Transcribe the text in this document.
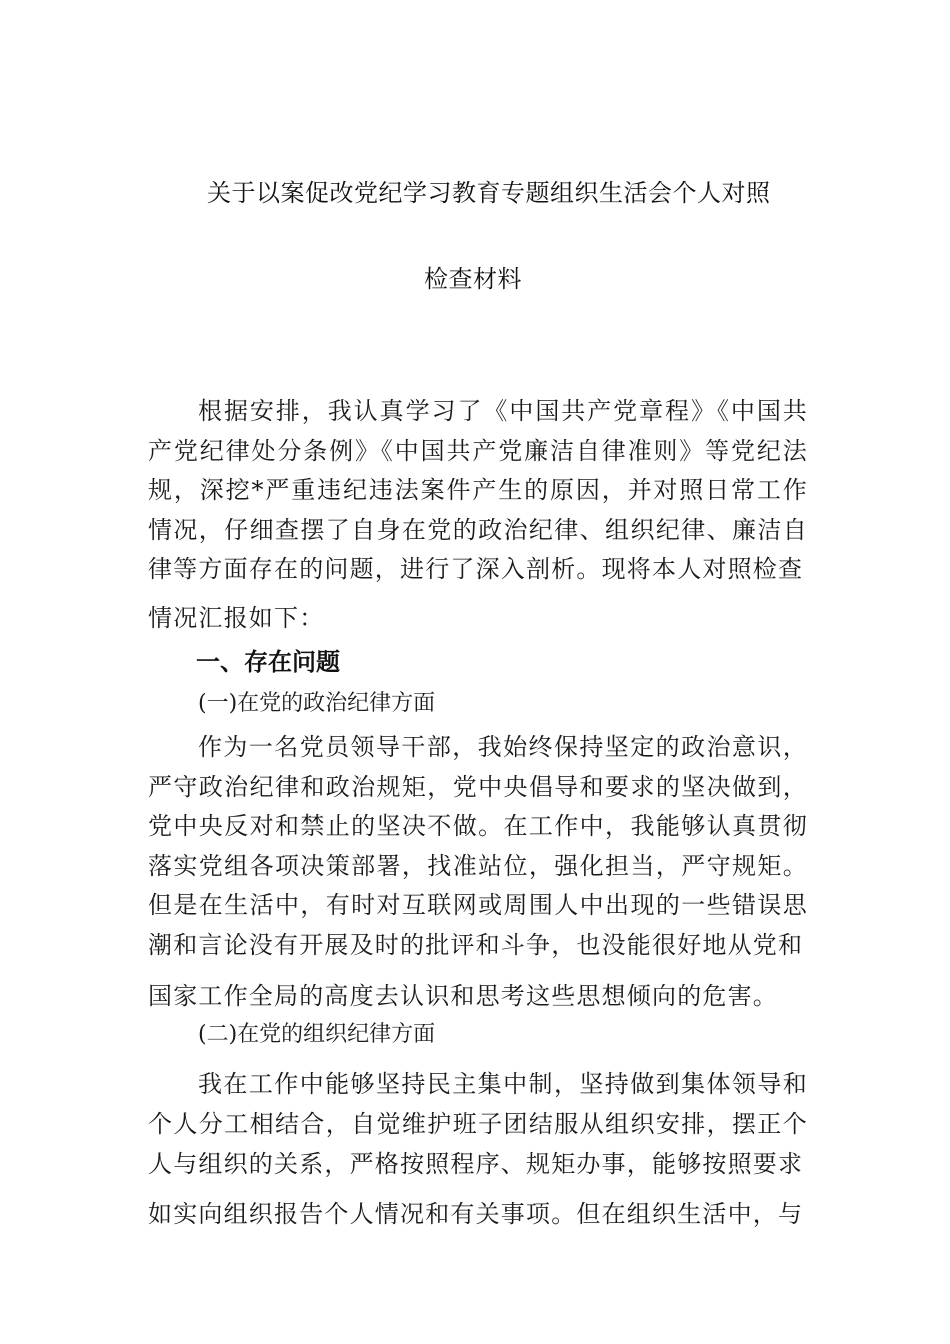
关于以案促改党纪学习教育专题组织生活会个人对照
检查材料

根据安排，我认真学习了《中国共产党章程》《中国共产党纪律处分条例》《中国共产党廉洁自律准则》等党纪法规，深挖*严重违纪违法案件产生的原因，并对照日常工作情况，仔细查摆了自身在党的政治纪律、组织纪律、廉洁自律等方面存在的问题，进行了深入剖析。现将本人对照检查

情况汇报如下：

一、存在问题
(一)在党的政治纪律方面

作为一名党员领导干部，我始终保持坚定的政治意识，严守政治纪律和政治规矩，党中央倡导和要求的坚决做到，党中央反对和禁止的坚决不做。在工作中，我能够认真贯彻落实党组各项决策部署，找准站位，强化担当，严守规矩。但是在生活中，有时对互联网或周围人中出现的一些错误思潮和言论没有开展及时的批评和斗争，也没能很好地从党和

国家工作全局的高度去认识和思考这些思想倾向的危害。

(二)在党的组织纪律方面

我在工作中能够坚持民主集中制，坚持做到集体领导和个人分工相结合，自觉维护班子团结服从组织安排，摆正个人与组织的关系，严格按照程序、规矩办事，能够按照要求

如实向组织报告个人情况和有关事项。但在组织生活中，与
